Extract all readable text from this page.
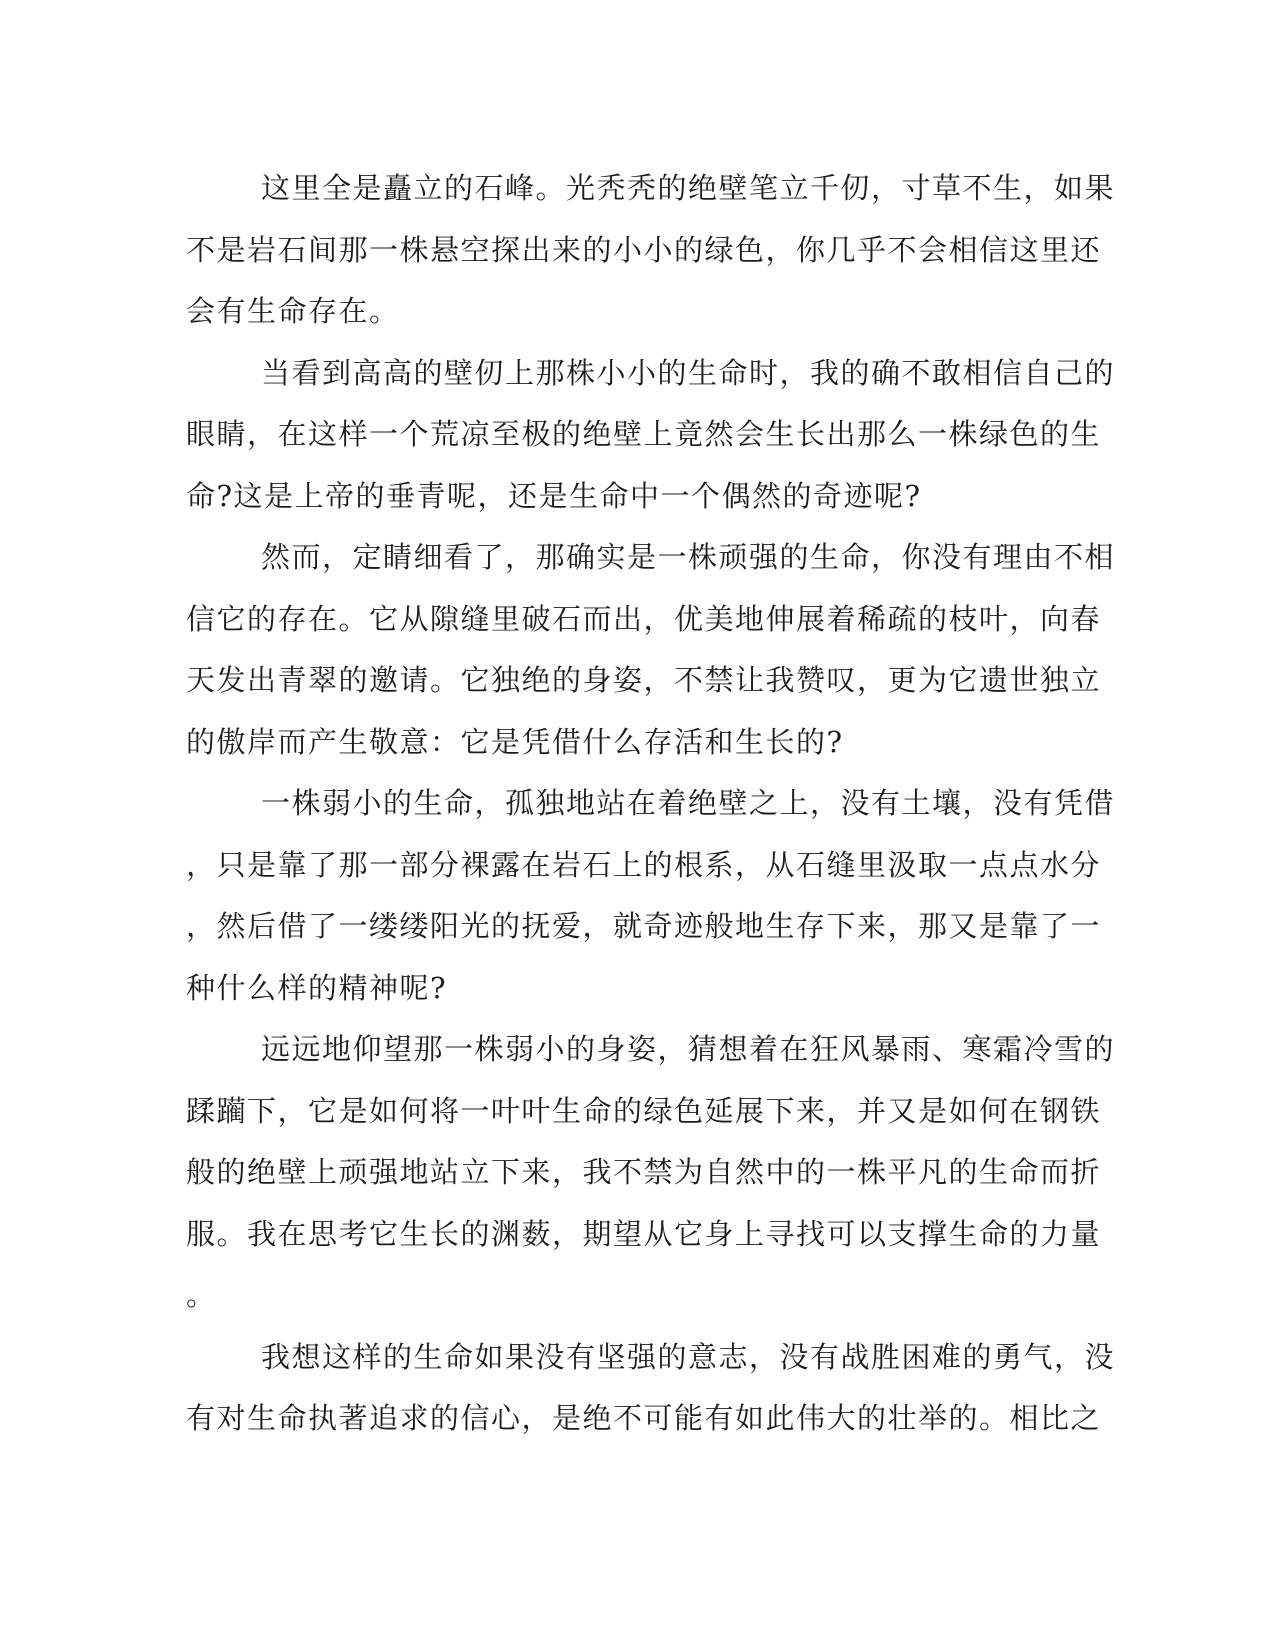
这里全是矗立的石峰。光秃秃的绝壁笔立千仞，寸草不生，如果
不是岩石间那一株悬空探出来的小小的绿色，你几乎不会相信这里还
会有生命存在。

当看到高高的壁仞上那株小小的生命时，我的确不敢相信自己的
眼睛，在这样一个荒凉至极的绝壁上竟然会生长出那么一株绿色的生
命?这是上帝的垂青呢，还是生命中一个偶然的奇迹呢?

然而，定睛细看了，那确实是一株顽强的生命，你没有理由不相
信它的存在。它从隙缝里破石而出，优美地伸展着稀疏的枝叶，向春
天发出青翠的邀请。它独绝的身姿，不禁让我赞叹，更为它遗世独立
的傲岸而产生敬意：它是凭借什么存活和生长的?

一株弱小的生命，孤独地站在着绝壁之上，没有土壤，没有凭借
，只是靠了那一部分裸露在岩石上的根系，从石缝里汲取一点点水分
，然后借了一缕缕阳光的抚爱，就奇迹般地生存下来，那又是靠了一
种什么样的精神呢?

远远地仰望那一株弱小的身姿，猜想着在狂风暴雨、寒霜冷雪的
蹂躏下，它是如何将一叶叶生命的绿色延展下来，并又是如何在钢铁
般的绝壁上顽强地站立下来，我不禁为自然中的一株平凡的生命而折
服。我在思考它生长的渊薮，期望从它身上寻找可以支撑生命的力量
。

我想这样的生命如果没有坚强的意志，没有战胜困难的勇气，没
有对生命执著追求的信心，是绝不可能有如此伟大的壮举的。相比之
